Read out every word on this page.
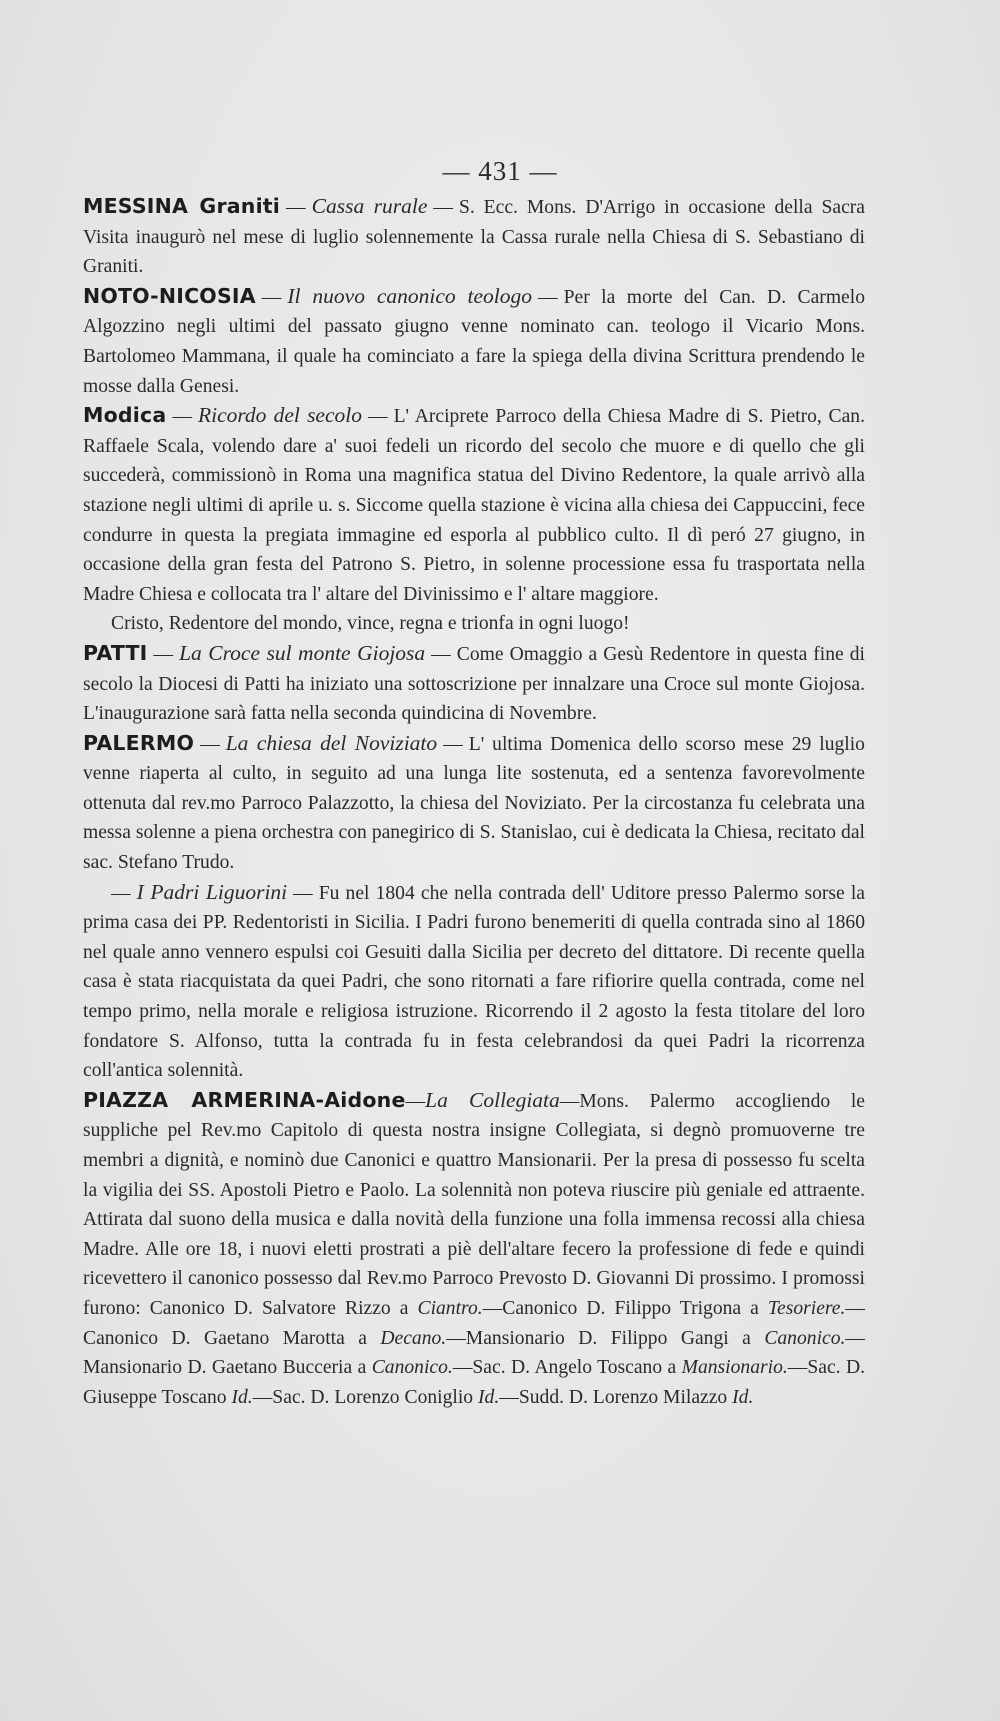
— 431 —

MESSINA Graniti — Cassa rurale — S. Ecc. Mons. D'Arrigo in occasione della Sacra Visita inaugurò nel mese di luglio solennemente la Cassa rurale nella Chiesa di S. Sebastiano di Graniti.

NOTO-NICOSIA — Il nuovo canonico teologo — Per la morte del Can. D. Carmelo Algozzino negli ultimi del passato giugno venne nominato can. teologo il Vicario Mons. Bartolomeo Mammana, il quale ha cominciato a fare la spiega della divina Scrittura prendendo le mosse dalla Genesi.

Modica — Ricordo del secolo — L' Arciprete Parroco della Chiesa Madre di S. Pietro, Can. Raffaele Scala, volendo dare a' suoi fedeli un ricordo del secolo che muore e di quello che gli succederà, commissionò in Roma una magnifica statua del Divino Redentore, la quale arrivò alla stazione negli ultimi di aprile u. s. Siccome quella stazione è vicina alla chiesa dei Cappuccini, fece condurre in questa la pregiata immagine ed esporla al pubblico culto. Il dì peró 27 giugno, in occasione della gran festa del Patrono S. Pietro, in solenne processione essa fu trasportata nella Madre Chiesa e collocata tra l' altare del Divinissimo e l' altare maggiore.

Cristo, Redentore del mondo, vince, regna e trionfa in ogni luogo!

PATTI — La Croce sul monte Giojosa — Come Omaggio a Gesù Redentore in questa fine di secolo la Diocesi di Patti ha iniziato una sottoscrizione per innalzare una Croce sul monte Giojosa. L'inaugurazione sarà fatta nella seconda quindicina di Novembre.

PALERMO — La chiesa del Noviziato — L' ultima Domenica dello scorso mese 29 luglio venne riaperta al culto, in seguito ad una lunga lite sostenuta, ed a sentenza favorevolmente ottenuta dal rev.mo Parroco Palazzotto, la chiesa del Noviziato. Per la circostanza fu celebrata una messa solenne a piena orchestra con panegirico di S. Stanislao, cui è dedicata la Chiesa, recitato dal sac. Stefano Trudo.

— I Padri Liguorini — Fu nel 1804 che nella contrada dell' Uditore presso Palermo sorse la prima casa dei PP. Redentoristi in Sicilia. I Padri furono benemeriti di quella contrada sino al 1860 nel quale anno vennero espulsi coi Gesuiti dalla Sicilia per decreto del dittatore. Di recente quella casa è stata riacquistata da quei Padri, che sono ritornati a fare rifiorire quella contrada, come nel tempo primo, nella morale e religiosa istruzione. Ricorrendo il 2 agosto la festa titolare del loro fondatore S. Alfonso, tutta la contrada fu in festa celebrandosi da quei Padri la ricorrenza coll'antica solennità.

PIAZZA ARMERINA-Aidone—La Collegiata—Mons. Palermo accogliendo le suppliche pel Rev.mo Capitolo di questa nostra insigne Collegiata, si degnò promuoverne tre membri a dignità, e nominò due Canonici e quattro Mansionarii. Per la presa di possesso fu scelta la vigilia dei SS. Apostoli Pietro e Paolo. La solennità non poteva riuscire più geniale ed attraente. Attirata dal suono della musica e dalla novità della funzione una folla immensa recossi alla chiesa Madre. Alle ore 18, i nuovi eletti prostrati a piè dell'altare fecero la professione di fede e quindi ricevettero il canonico possesso dal Rev.mo Parroco Prevosto D. Giovanni Di prossimo. I promossi furono: Canonico D. Salvatore Rizzo a Ciantro.—Canonico D. Filippo Trigona a Tesoriere.—Canonico D. Gaetano Marotta a Decano.—Mansionario D. Filippo Gangi a Canonico.—Mansionario D. Gaetano Bucceria a Canonico.—Sac. D. Angelo Toscano a Mansionario.—Sac. D. Giuseppe Toscano Id.—Sac. D. Lorenzo Coniglio Id.—Sudd. D. Lorenzo Milazzo Id.
